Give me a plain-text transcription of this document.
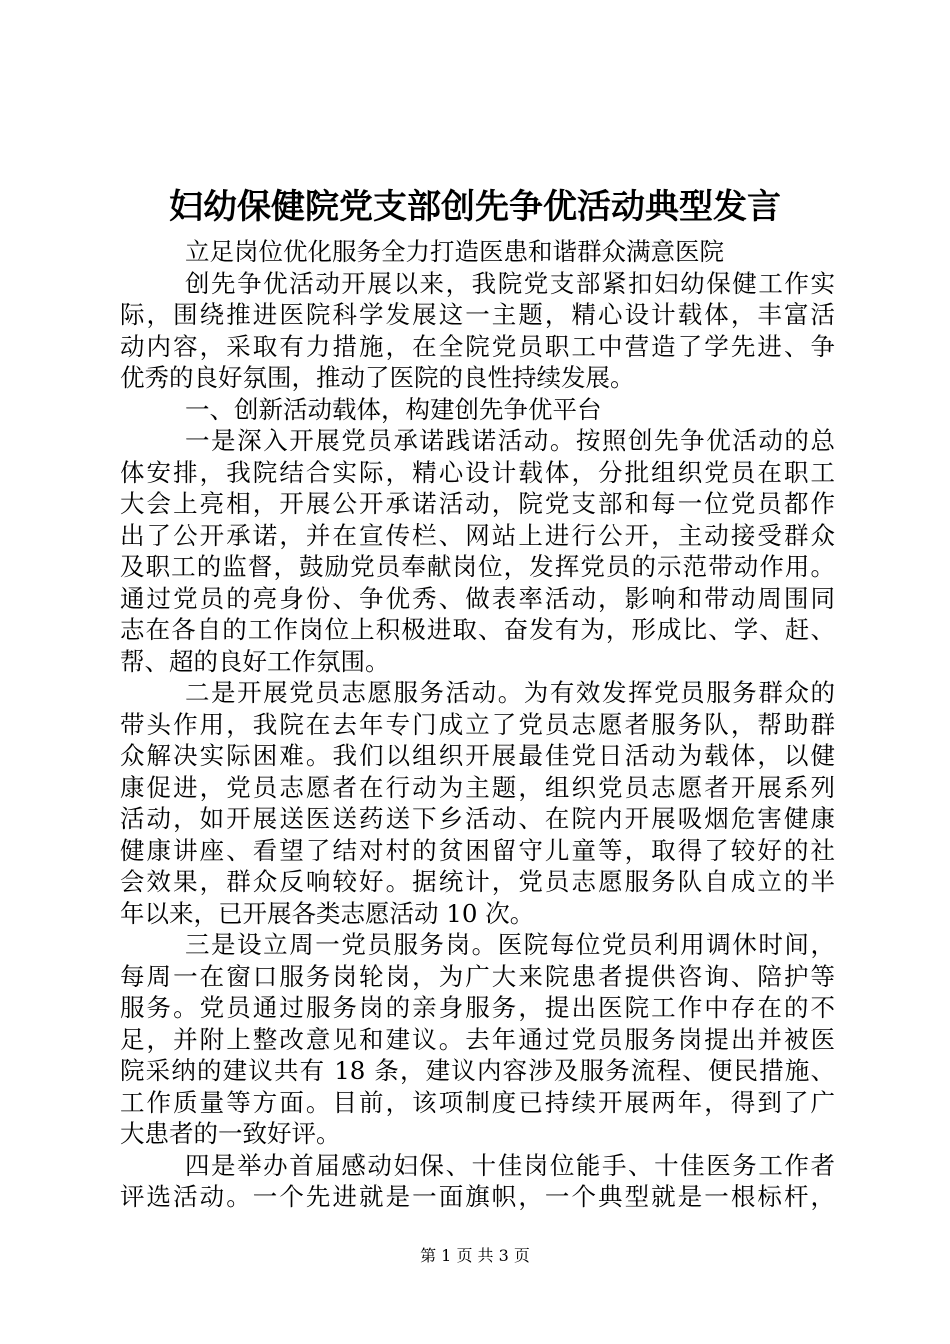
妇幼保健院党支部创先争优活动典型发言
立足岗位优化服务全力打造医患和谐群众满意医院
创先争优活动开展以来，我院党支部紧扣妇幼保健工作实
际，围绕推进医院科学发展这一主题，精心设计载体，丰富活
动内容，采取有力措施，在全院党员职工中营造了学先进、争
优秀的良好氛围，推动了医院的良性持续发展。
一、创新活动载体，构建创先争优平台
一是深入开展党员承诺践诺活动。按照创先争优活动的总
体安排，我院结合实际，精心设计载体，分批组织党员在职工
大会上亮相，开展公开承诺活动，院党支部和每一位党员都作
出了公开承诺，并在宣传栏、网站上进行公开，主动接受群众
及职工的监督，鼓励党员奉献岗位，发挥党员的示范带动作用。
通过党员的亮身份、争优秀、做表率活动，影响和带动周围同
志在各自的工作岗位上积极进取、奋发有为，形成比、学、赶、
帮、超的良好工作氛围。
二是开展党员志愿服务活动。为有效发挥党员服务群众的
带头作用，我院在去年专门成立了党员志愿者服务队，帮助群
众解决实际困难。我们以组织开展最佳党日活动为载体，以健
康促进，党员志愿者在行动为主题，组织党员志愿者开展系列
活动，如开展送医送药送下乡活动、在院内开展吸烟危害健康
健康讲座、看望了结对村的贫困留守儿童等，取得了较好的社
会效果，群众反响较好。据统计，党员志愿服务队自成立的半
年以来，已开展各类志愿活动 10 次。
三是设立周一党员服务岗。医院每位党员利用调休时间，
每周一在窗口服务岗轮岗，为广大来院患者提供咨询、陪护等
服务。党员通过服务岗的亲身服务，提出医院工作中存在的不
足，并附上整改意见和建议。去年通过党员服务岗提出并被医
院采纳的建议共有 18 条，建议内容涉及服务流程、便民措施、
工作质量等方面。目前，该项制度已持续开展两年，得到了广
大患者的一致好评。
四是举办首届感动妇保、十佳岗位能手、十佳医务工作者
评选活动。一个先进就是一面旗帜，一个典型就是一根标杆，
第 1 页 共 3 页
